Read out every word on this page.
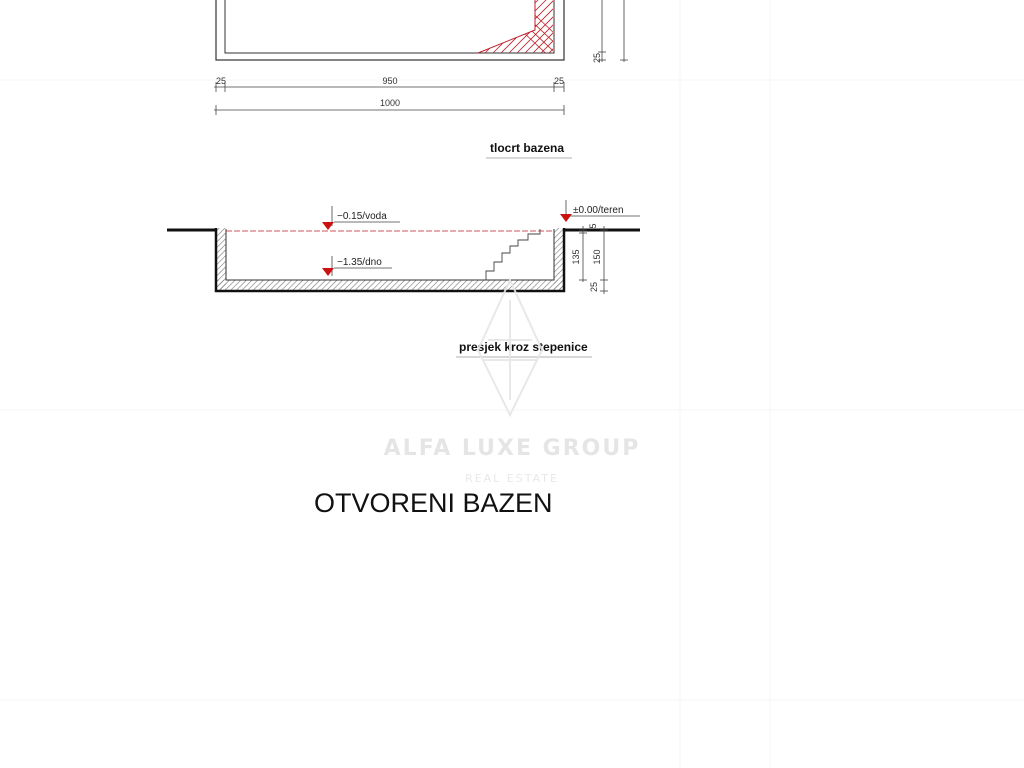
25
25	950	25
1000
tlocrt bazena
−0.15/voda
−1.35/dno
±0.00/teren
5
135 150
25
presjek kroz stepenice
ALFA LUXE GROUP
REAL ESTATE
OTVORENI BAZEN
